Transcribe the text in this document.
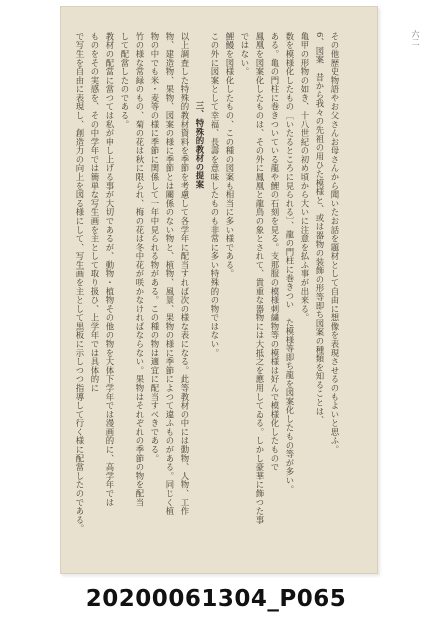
六二
その他歴史物語やお父さんお母さんから聞いたお話を題材として自由に想像を表現させるのもよいと思ふ。
6、図案　昔から我々の先祖の用ひた模様と、或は器物の装飾の形等即ち図案の種類を知ることは、
亀甲の形物の如き、十八世紀の初め頃から大いに注意を払ふ事が出来る。
数を模様化したもの〔いたるところに見られる〕、龍の門柱に巻きつい　た模様等即ち龍を図案化したもの等が多い。
ある。亀の門柱に巻きついている龍や鯉の石刻を見る。支那服の模様刺繍物等の模様は好んで模様化したもので
鳳凰を図案化したものは、その外に鳳凰と龍鳥の象とされて、貴重な器物には大抵之を應用してゐる。しかし豪華に飾つた事
ではない。
鯉鰻を図様化したもの、この種の図案も相当に多い様である。
この外に図案として幸福、長壽を意味したものも非常に多い特殊的の物ではない。
三、特殊的教材の提案
以上調査した特殊的教材資料を季節を考慮して各学年に配当すれば次の様な表になる。此等教材の中には動物、人物、工作
物、建造物、果物、図案の様に季節とは關係のない物と、植物、風景、果物の様に季節によつて違ふものがある。同じく植
物の中でも米・麦等の様に季節に関係して一年中見られる物がある。この種の物は適宜に配当すべきである。
竹の様な常緑のもの、菊の花は秋に限られ、梅の花は冬中花が咲かなければならない。果物はそれぞれの季節の物を配当
して配當したのである。
教材の配當に當つては私が申し上げる事が大切であるが、動物・植物その他の物を大体下学年では漫画的に、高学年では
ものをその実感を、その中学年では簡単な写生画を主として取り扱ひ、上学年では具体的に
で写生を自由に表現し、創造力の向上を図る様にして、写生画を主として黒板に示しつつ指導して行く様に配當したのである。
20200061304_P065
